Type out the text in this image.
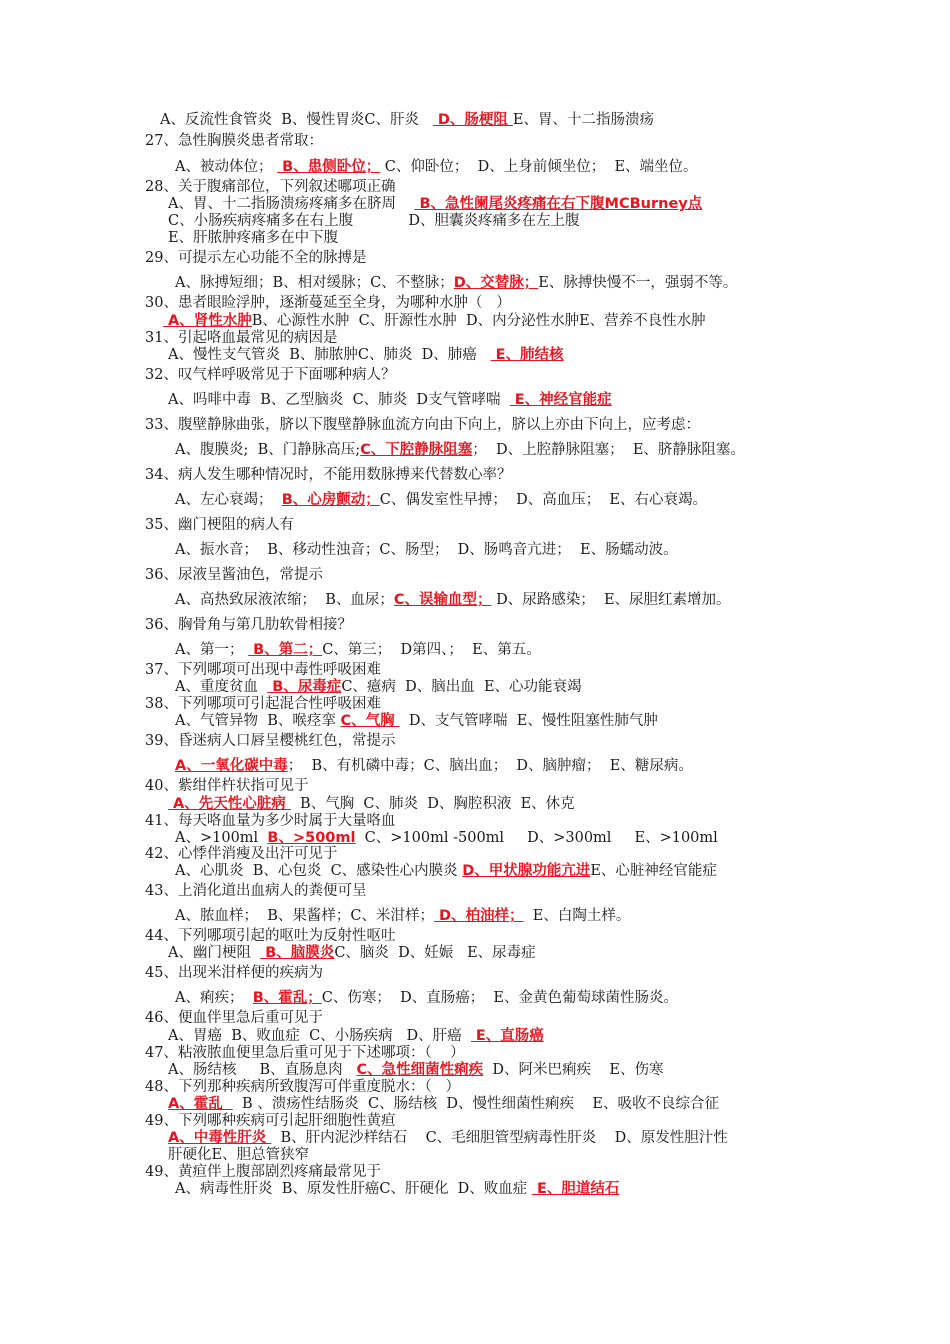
A、反流性食管炎  B、慢性胃炎C、肝炎    D、肠梗阻 E、胃、十二指肠溃疡
27、急性胸膜炎患者常取：
A、被动体位；  B、患侧卧位； C、仰卧位；  D、上身前倾坐位；  E、端坐位。
28、关于腹痛部位，下列叙述哪项正确
A、胃、十二指肠溃疡疼痛多在脐周     B、急性阑尾炎疼痛在右下腹MCBurney点
C、小肠疾病疼痛多在右上腹            D、胆囊炎疼痛多在左上腹
E、肝脓肿疼痛多在中下腹
29、可提示左心功能不全的脉搏是
A、脉搏短细；B、相对缓脉；C、不整脉；D、交替脉；E、脉搏快慢不一，强弱不等。
30、患者眼睑浮肿，逐渐蔓延至全身，为哪种水肿（   ）
A、肾性水肿B、心源性水肿  C、肝源性水肿  D、内分泌性水肿E、营养不良性水肿
31、引起咯血最常见的病因是
A、慢性支气管炎  B、肺脓肿C、肺炎  D、肺癌    E、肺结核
32、叹气样呼吸常见于下面哪种病人？
A、吗啡中毒  B、乙型脑炎  C、肺炎  D支气管哮喘   E、神经官能症
33、腹壁静脉曲张，脐以下腹壁静脉血流方向由下向上，脐以上亦由下向上，应考虑：
A、腹膜炎;  B、门静脉高压;C、下腔静脉阻塞；  D、上腔静脉阻塞；  E、脐静脉阻塞。
34、病人发生哪种情况时，不能用数脉搏来代替数心率？
A、左心衰竭；  B、心房颤动；C、偶发室性早搏；  D、高血压；  E、右心衰竭。
35、幽门梗阻的病人有
A、振水音；  B、移动性浊音；C、肠型；  D、肠鸣音亢进；  E、肠蠕动波。
36、尿液呈酱油色，常提示
A、高热致尿液浓缩；  B、血尿；C、误输血型； D、尿路感染；  E、尿胆红素增加。
36、胸骨角与第几肋软骨相接？
A、第一；  B、第二；C、第三；  D第四、；  E、第五。
37、下列哪项可出现中毒性呼吸困难
A、重度贫血   B、尿毒症C、癔病  D、脑出血  E、心功能衰竭
38、下列哪项可引起混合性呼吸困难
A、气管异物  B、喉痉挛 C、气胸   D、支气管哮喘  E、慢性阻塞性肺气肿
39、昏迷病人口唇呈樱桃红色，常提示
A、一氧化碳中毒；  B、有机磷中毒；C、脑出血；  D、脑肿瘤；  E、糖尿病。
40、紫绀伴杵状指可见于
A、先天性心脏病   B、气胸  C、肺炎  D、胸腔积液  E、休克
41、每天咯血量为多少时属于大量咯血
A、>100ml  B、>500ml  C、>100ml -500ml     D、>300ml     E、>100ml
42、心悸伴消瘦及出汗可见于
A、心肌炎  B、心包炎  C、感染性心内膜炎 D、甲状腺功能亢进E、心脏神经官能症
43、上消化道出血病人的粪便可呈
A、脓血样；  B、果酱样；C、米泔样； D、柏油样；  E、白陶土样。
44、下列哪项引起的呕吐为反射性呕吐
A、幽门梗阻   B、脑膜炎C、脑炎  D、妊娠   E、尿毒症
45、出现米泔样便的疾病为
A、痢疾；  B、霍乱；C、伤寒；  D、直肠癌；  E、金黄色葡萄球菌性肠炎。
46、便血伴里急后重可见于
A、胃癌  B、败血症  C、小肠疾病   D、肝癌   E、直肠癌
47、粘液脓血便里急后重可见于下述哪项：（    ）
A、肠结核     B、直肠息肉   C、急性细菌性痢疾  D、阿米巴痢疾    E、伤寒
48、下列那种疾病所致腹泻可伴重度脱水：（   ）
A、霍乱    B 、溃疡性结肠炎  C、肠结核  D、慢性细菌性痢疾    E、吸收不良综合征
49、下列哪种疾病可引起肝细胞性黄疸
A、中毒性肝炎   B、肝内泥沙样结石    C、毛细胆管型病毒性肝炎    D、原发性胆汁性
肝硬化E、胆总管狭窄
49、黄疸伴上腹部剧烈疼痛最常见于
A、病毒性肝炎  B、原发性肝癌C、肝硬化  D、败血症  E、胆道结石
